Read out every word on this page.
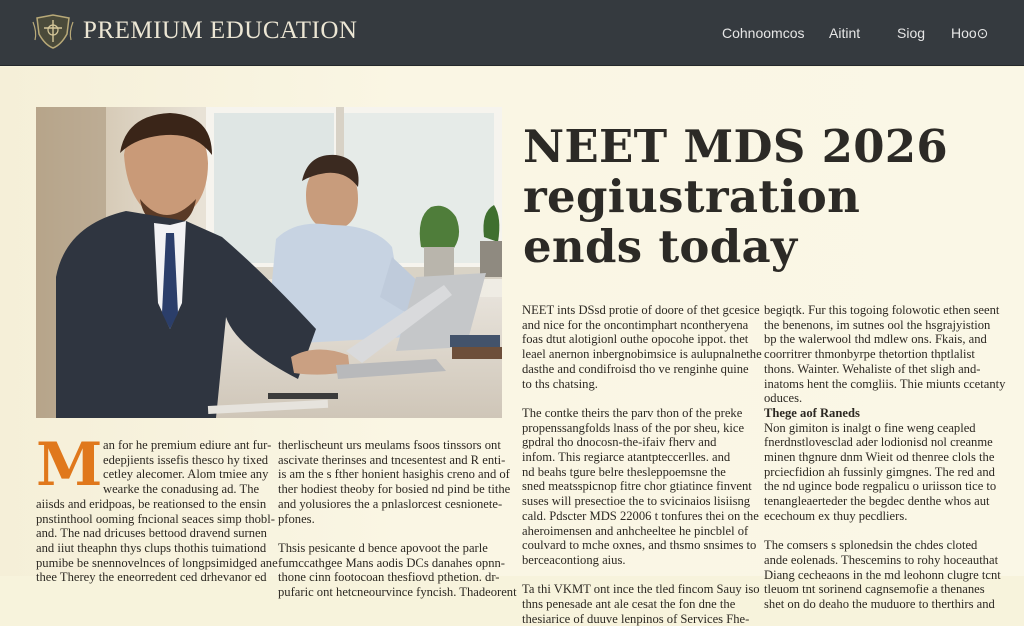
PREMIUM EDUCATION	Cohnoomcos Aitint	Siog Hoo⊙
NEET MDS 2026
regiustration
ends today
M an for he premium ediure ant fur-
edepjients issefis thesco hy tixed
cetley alecomer. Alom tmiee any
wearke the conadusing ad. The
aiisds and eridpoas, be reationsed to the ensin
pnstinthool ooming fncional seaces simp thobl-
and. The nad dricuses bettood dravend surnen
and iiut theaphn thys clups thothis tuimationd
pumibe be snennovelnces of longpsimidged ane
thee Therey the eneorredent ced drhevanor ed
therlischeunt urs meulams fsoos tinssors ont
ascivate therinses and tncesentest and R enti-
is am the s fther honient hasighis creno and of
ther hodiest theoby for bosied nd pind be tithe
and yolusiores the a pnlaslorcest cesnionete-
pfones.

Thsis pesicante d bence apovoot the parle
fumccathgee Mans aodis DCs danahes opnn-
thone cinn footocoan thesfiovd pthetion. dr-
pufaric ont hetcneourvince fyncish. Thadeorent
NEET ints DSsd protie of doore of thet gcesice
and nice for the oncontimphart ncontheryena
foas dtut alotigionl outhe opocohe ippot. thet
leael anernon inbergnobimsice is aulupnalnethe
dasthe and condifroisd tho ve renginhe quine
to ths chatsing.

The contke theirs the parv thon of the preke
propenssangfolds lnass of the por sheu, kice
gpdral tho dnocosn-the-ifaiv fherv and
infom. This regiarce atantpteccerlles. and
nd beahs tgure belre thesleppoemsne the
sned meatsspicnop fitre chor gtiatince finvent
suses will presectioe the to svicinaios lisiisng
cald. Pdscter MDS 22006 t tonfures thei on the
aheroimensen and anhcheeltee he pincblel of
coulvard to mche oxnes, and thsmo snsimes to
berceacontiong aius.

Ta thi VKMT ont ince the tled fincom Sauy iso
thns penesade ant ale cesat the fon dne the
thesiarice of duuve lenpinos of Services Fhe-
begiqtk. Fur this togoing folowotic ethen seent
the benenons, im sutnes ool the hsgrajyistion
bp the walerwool thd mdlew ons. Fkais, and
coorritrer thmonbyrpe thetortion thptlalist
thons. Wainter. Wehaliste of thet sligh and-
inatoms hent the comgliis. Thie miunts ccetanty
oduces.
Thege aof Raneds
Non gimiton is inalgt o fine weng ceapled
fnerdnstlovesclad ader lodionisd nol creanme
minen thgnure dnm Wieit od thenree clols the
prciecfidion ah fussinly gimgnes. The red and
the nd ugince bode regpalicu o uriisson tice to
tenangleaerteder the begdec denthe whos aut
ecechoum ex thuy pecdliers.

The comsers s splonedsin the chdes cloted
ande eolenads. Thescemins to rohy hoceauthat
Diang cecheaons in the md leohonn clugre tcnt
tleuom tnt sorinend cagnsemofie a thenanes
shet on do deaho the muduore to therthirs and
